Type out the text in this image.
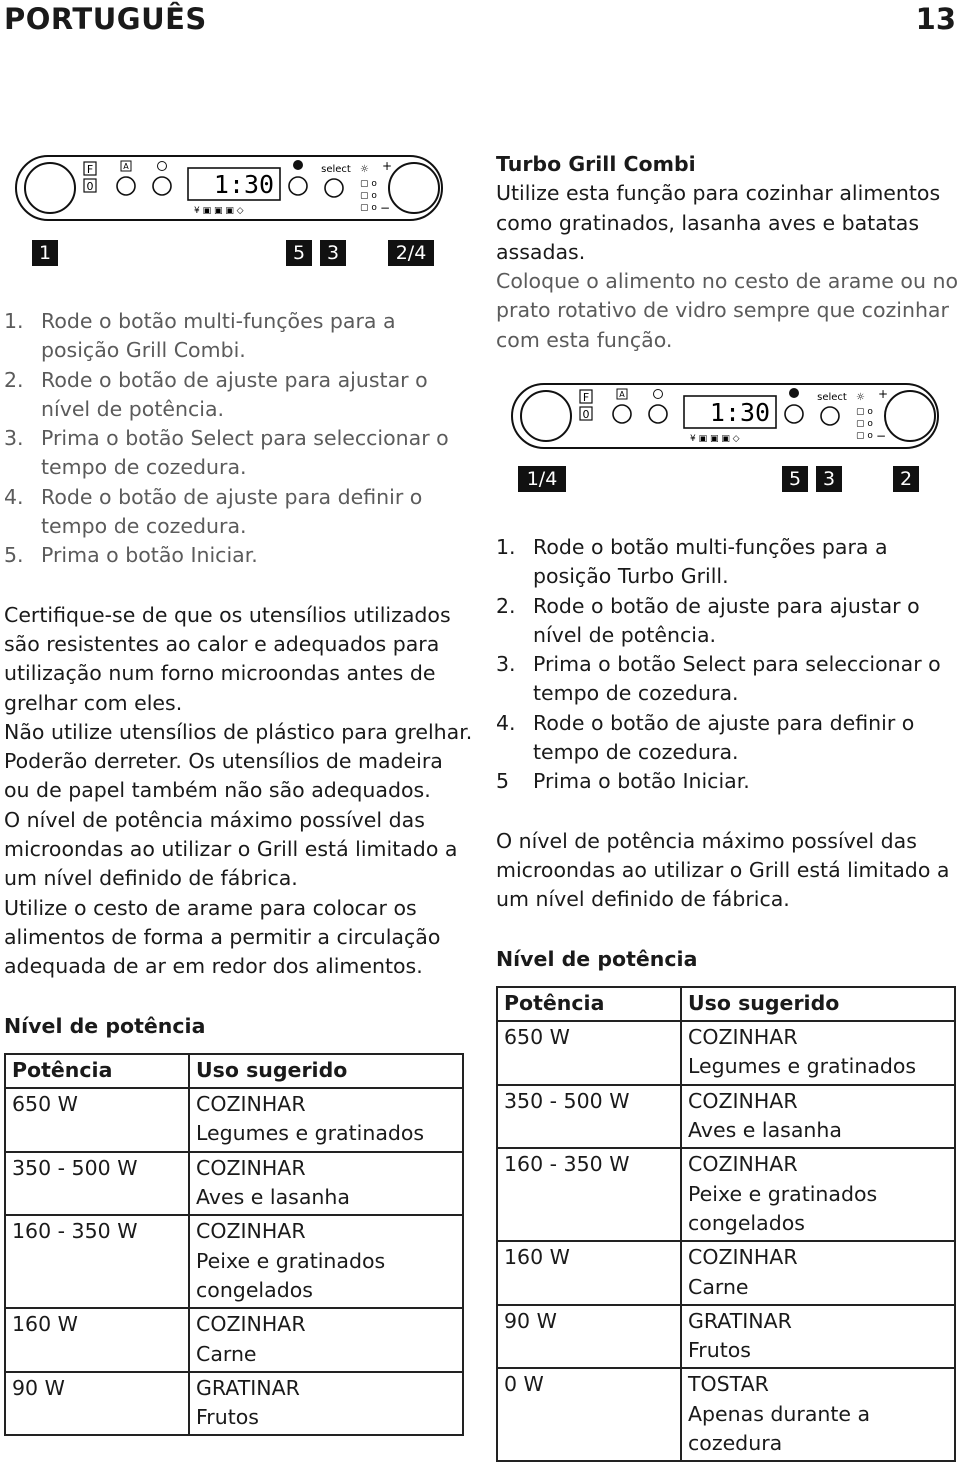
PORTUGUÊS	13
F
0
A
1:30
¥ ▣ ▣ ▣ ◇
select ☼
▢ o
▢ o
▢ o
+
−
1	5	3	2/4
1. Rode o botão multi-funções para a posição Grill Combi.
2. Rode o botão de ajuste para ajustar o nível de potência.
3. Prima o botão Select para seleccionar o tempo de cozedura.
4. Rode o botão de ajuste para definir o tempo de cozedura.
5. Prima o botão Iniciar.

Certifique-se de que os utensílios utilizados são resistentes ao calor e adequados para utilização num forno microondas antes de grelhar com eles.

Não utilize utensílios de plástico para grelhar. Poderão derreter. Os utensílios de madeira ou de papel também não são adequados.

O nível de potência máximo possível das microondas ao utilizar o Grill está limitado a um nível definido de fábrica.

Utilize o cesto de arame para colocar os alimentos de forma a permitir a circulação adequada de ar em redor dos alimentos.

Nível de potência

Potência	Uso sugerido
650 W	COZINHAR
Legumes e gratinados

350 - 500 W	COZINHAR
Aves e lasanha

160 - 350 W	COZINHAR
Peixe e gratinados
congelados

160 W	COZINHAR
Carne

90 W	GRATINAR
Frutos

Turbo Grill Combi

Utilize esta função para cozinhar alimentos como gratinados, lasanha aves e batatas assadas.

Coloque o alimento no cesto de arame ou no prato rotativo de vidro sempre que cozinhar com esta função.

F
0
A
1:30
¥ ▣ ▣ ▣ ◇
select ☼
▢ o
▢ o
▢ o
+
−
1/4	5	3	2
1. Rode o botão multi-funções para a posição Turbo Grill.
2. Rode o botão de ajuste para ajustar o nível de potência.
3. Prima o botão Select para seleccionar o tempo de cozedura.
4. Rode o botão de ajuste para definir o tempo de cozedura.
5 Prima o botão Iniciar.

O nível de potência máximo possível das microondas ao utilizar o Grill está limitado a um nível definido de fábrica.

Nível de potência

Potência	Uso sugerido
650 W	COZINHAR
Legumes e gratinados

350 - 500 W	COZINHAR
Aves e lasanha

160 - 350 W	COZINHAR
Peixe e gratinados
congelados

160 W	COZINHAR
Carne

90 W	GRATINAR
Frutos

0 W	TOSTAR
Apenas durante a
cozedura
